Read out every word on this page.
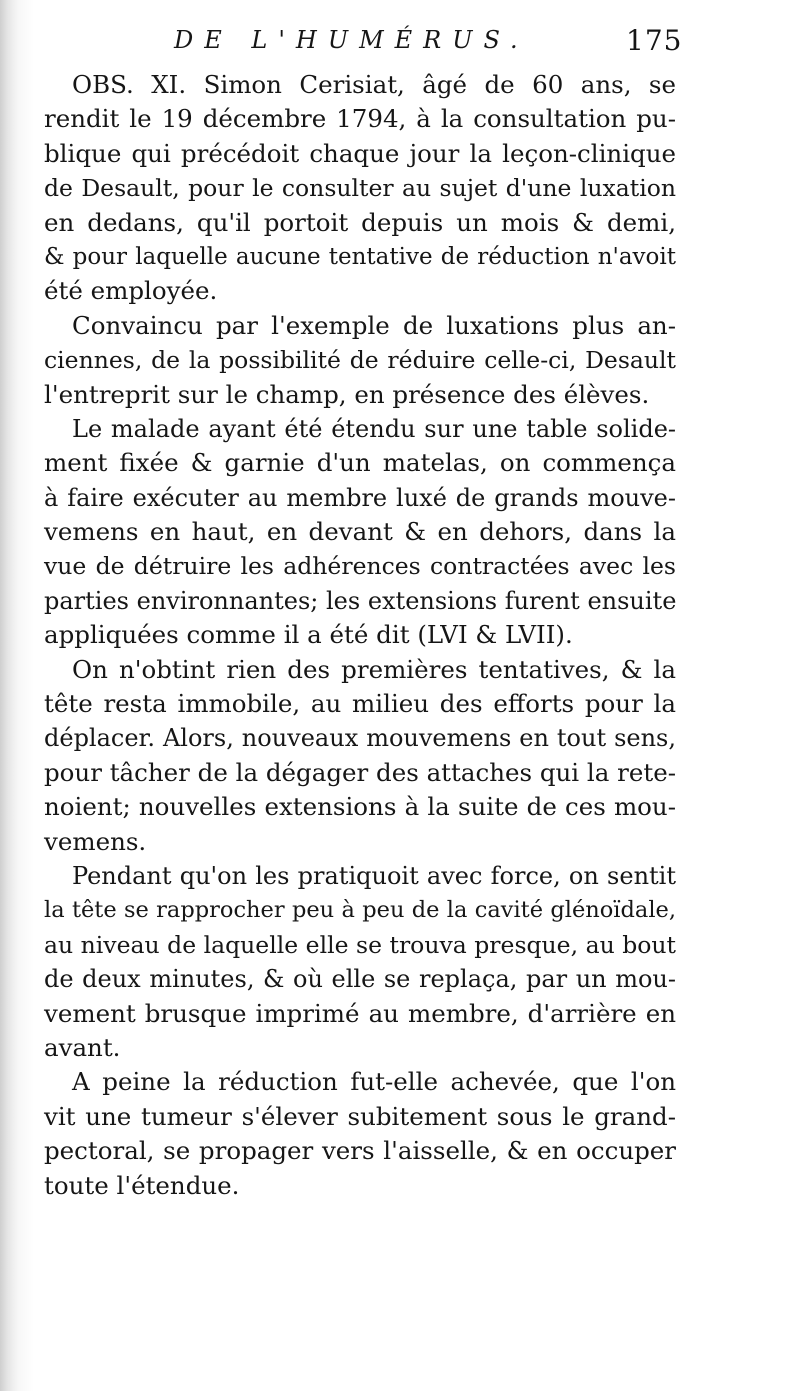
DE L'HUMÉRUS.	175
OBS. XI. Simon Cerisiat, âgé de 60 ans, se
rendit le 19 décembre 1794, à la consultation pu-
blique qui précédoit chaque jour la leçon-clinique
de Desault, pour le consulter au sujet d'une luxation
en dedans, qu'il portoit depuis un mois & demi,
& pour laquelle aucune tentative de réduction n'avoit
été employée.
Convaincu par l'exemple de luxations plus an-
ciennes, de la possibilité de réduire celle-ci, Desault
l'entreprit sur le champ, en présence des élèves.
Le malade ayant été étendu sur une table solide-
ment fixée & garnie d'un matelas, on commença
à faire exécuter au membre luxé de grands mouve-
vemens en haut, en devant & en dehors, dans la
vue de détruire les adhérences contractées avec les
parties environnantes; les extensions furent ensuite
appliquées comme il a été dit (LVI & LVII).
On n'obtint rien des premières tentatives, & la
tête resta immobile, au milieu des efforts pour la
déplacer. Alors, nouveaux mouvemens en tout sens,
pour tâcher de la dégager des attaches qui la rete-
noient; nouvelles extensions à la suite de ces mou-
vemens.
Pendant qu'on les pratiquoit avec force, on sentit
la tête se rapprocher peu à peu de la cavité glénoïdale,
au niveau de laquelle elle se trouva presque, au bout
de deux minutes, & où elle se replaça, par un mou-
vement brusque imprimé au membre, d'arrière en
avant.
A peine la réduction fut-elle achevée, que l'on
vit une tumeur s'élever subitement sous le grand-
pectoral, se propager vers l'aisselle, & en occuper
toute l'étendue.
